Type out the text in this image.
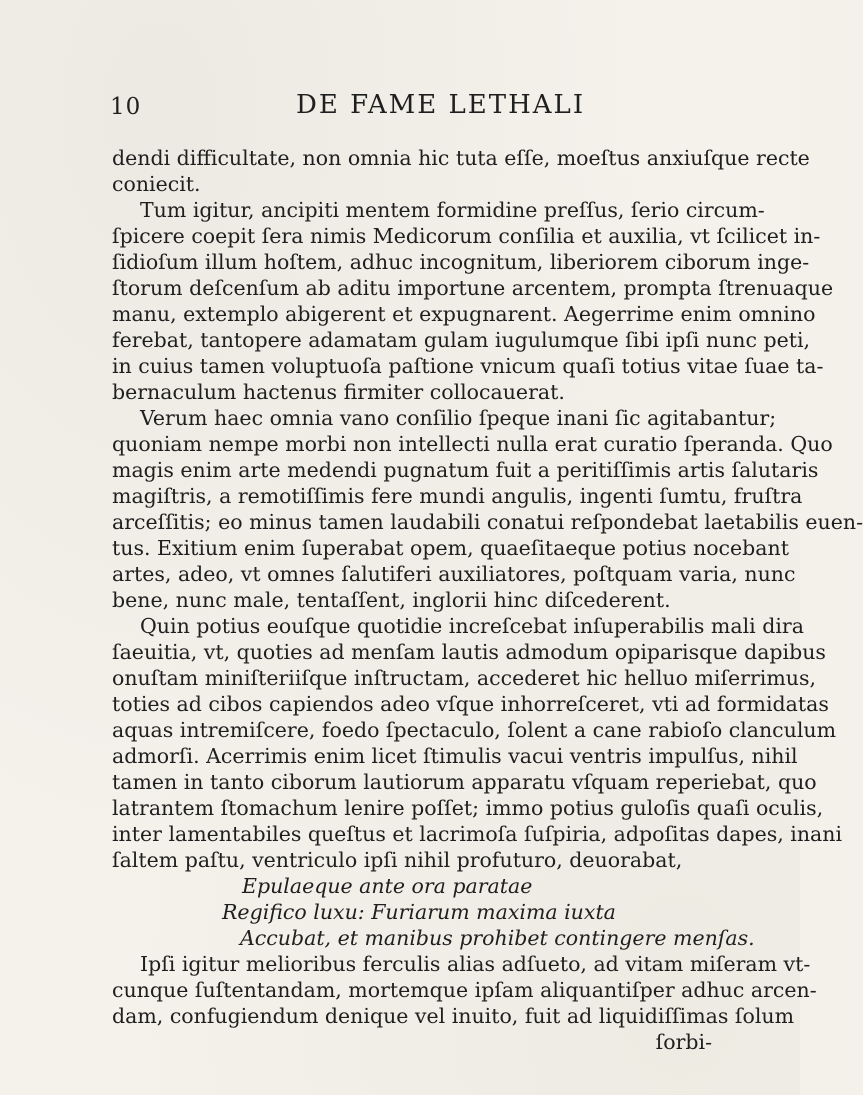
10	DE FAME LETHALI
dendi difficultate, non omnia hic tuta eſſe, moeſtus anxiuſque recte
coniecit.
Tum igitur, ancipiti mentem formidine preſſus, ſerio circum-
ſpicere coepit ſera nimis Medicorum conſilia et auxilia, vt ſcilicet in-
ſidioſum illum hoſtem, adhuc incognitum, liberiorem ciborum inge-
ſtorum deſcenſum ab aditu importune arcentem, prompta ſtrenuaque
manu, extemplo abigerent et expugnarent. Aegerrime enim omnino
ferebat, tantopere adamatam gulam iugulumque ſibi ipſi nunc peti,
in cuius tamen voluptuoſa paſtione vnicum quaſi totius vitae ſuae ta-
bernaculum hactenus firmiter collocauerat.
Verum haec omnia vano conſilio ſpeque inani ſic agitabantur;
quoniam nempe morbi non intellecti nulla erat curatio ſperanda. Quo
magis enim arte medendi pugnatum fuit a peritiſſimis artis ſalutaris
magiſtris, a remotiſſimis fere mundi angulis, ingenti ſumtu, fruſtra
arceſſitis; eo minus tamen laudabili conatui reſpondebat laetabilis euen-
tus. Exitium enim ſuperabat opem, quaeſitaeque potius nocebant
artes, adeo, vt omnes ſalutiferi auxiliatores, poſtquam varia, nunc
bene, nunc male, tentaſſent, inglorii hinc diſcederent.
Quin potius eouſque quotidie increſcebat inſuperabilis mali dira
ſaeuitia, vt, quoties ad menſam lautis admodum opiparisque dapibus
onuſtam miniſteriiſque inſtructam, accederet hic helluo miſerrimus,
toties ad cibos capiendos adeo vſque inhorreſceret, vti ad formidatas
aquas intremiſcere, foedo ſpectaculo, ſolent a cane rabioſo clanculum
admorſi. Acerrimis enim licet ſtimulis vacui ventris impulſus, nihil
tamen in tanto ciborum lautiorum apparatu vſquam reperiebat, quo
latrantem ſtomachum lenire poſſet; immo potius guloſis quaſi oculis,
inter lamentabiles queſtus et lacrimoſa ſuſpiria, adpoſitas dapes, inani
ſaltem paſtu, ventriculo ipſi nihil profuturo, deuorabat,
Epulaeque ante ora paratae
Regifico luxu: Furiarum maxima iuxta
Accubat, et manibus prohibet contingere menſas.
Ipſi igitur melioribus ferculis alias adſueto, ad vitam miſeram vt-
cunque ſuſtentandam, mortemque ipſam aliquantiſper adhuc arcen-
dam, confugiendum denique vel inuito, fuit ad liquidiſſimas ſolum
ſorbi-
